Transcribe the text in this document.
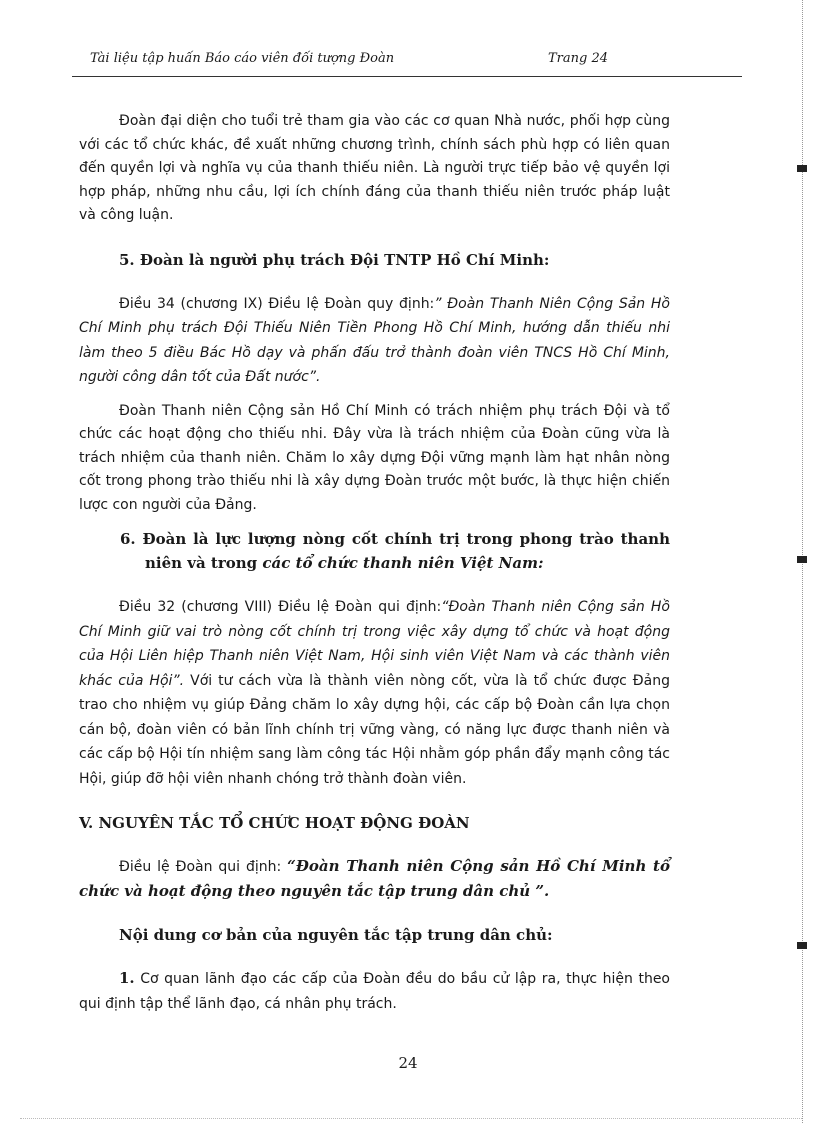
Tài liệu tập huấn Báo cáo viên đối tượng Đoàn	Trang 24

Đoàn đại diện cho tuổi trẻ tham gia vào các cơ quan Nhà nước, phối hợp cùng với các tổ chức khác, đề xuất những chương trình, chính sách phù hợp có liên quan đến quyền lợi và nghĩa vụ của thanh thiếu niên. Là người trực tiếp bảo vệ quyền lợi hợp pháp, những nhu cầu, lợi ích chính đáng của thanh thiếu niên trước pháp luật và công luận.

5. Đoàn là người phụ trách Đội TNTP Hồ Chí Minh:

Điều 34 (chương IX) Điều lệ Đoàn quy định:” Đoàn Thanh Niên Cộng Sản Hồ Chí Minh phụ trách Đội Thiếu Niên Tiền Phong Hồ Chí Minh, hướng dẫn thiếu nhi làm theo 5 điều Bác Hồ dạy và phấn đấu trở thành đoàn viên TNCS Hồ Chí Minh, người công dân tốt của Đất nước”.

Đoàn Thanh niên Cộng sản Hồ Chí Minh có trách nhiệm phụ trách Đội và tổ chức các hoạt động cho thiếu nhi. Đây vừa là trách nhiệm của Đoàn cũng vừa là trách nhiệm của thanh niên. Chăm lo xây dựng Đội vững mạnh làm hạt nhân nòng cốt trong phong trào thiếu nhi là xây dựng Đoàn trước một bước, là thực hiện chiến lược con người của Đảng.

6. Đoàn là lực lượng nòng cốt chính trị trong phong trào thanh niên và trong các tổ chức thanh niên Việt Nam:

Điều 32 (chương VIII) Điều lệ Đoàn qui định:“Đoàn Thanh niên Cộng sản Hồ Chí Minh giữ vai trò nòng cốt chính trị trong việc xây dựng tổ chức và hoạt động của Hội Liên hiệp Thanh niên Việt Nam, Hội sinh viên Việt Nam và các thành viên khác của Hội”. Với tư cách vừa là thành viên nòng cốt, vừa là tổ chức được Đảng trao cho nhiệm vụ giúp Đảng chăm lo xây dựng hội, các cấp bộ Đoàn cần lựa chọn cán bộ, đoàn viên có bản lĩnh chính trị vững vàng, có năng lực được thanh niên và các cấp bộ Hội tín nhiệm sang làm công tác Hội nhằm góp phần đẩy mạnh công tác Hội, giúp đỡ hội viên nhanh chóng trở thành đoàn viên.

V. NGUYÊN TẮC TỔ CHỨC HOẠT ĐỘNG ĐOÀN

Điều lệ Đoàn qui định: “Đoàn Thanh niên Cộng sản Hồ Chí Minh tổ chức và hoạt động theo nguyên tắc tập trung dân chủ ”.

Nội dung cơ bản của nguyên tắc tập trung dân chủ:

1. Cơ quan lãnh đạo các cấp của Đoàn đều do bầu cử lập ra, thực hiện theo qui định tập thể lãnh đạo, cá nhân phụ trách.

24
